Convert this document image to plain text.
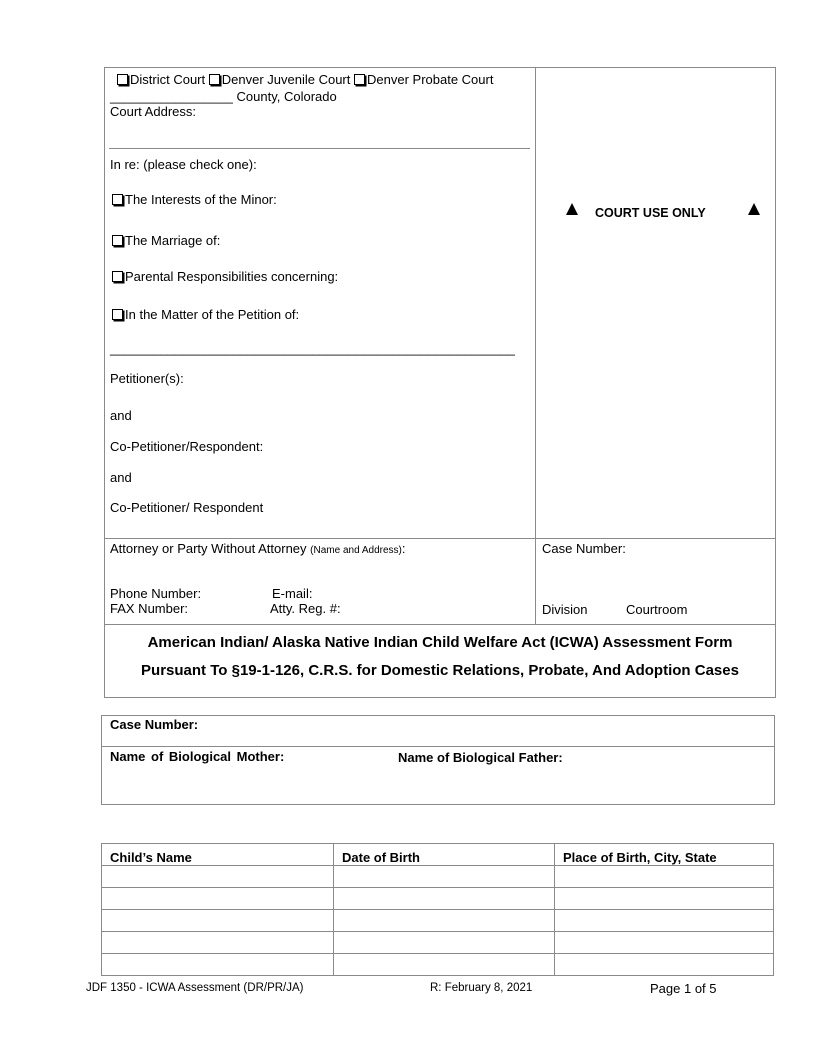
District Court Denver Juvenile Court Denver Probate Court
_________________ County, Colorado
Court Address:
In re: (please check one):
The Interests of the Minor:
The Marriage of:
Parental Responsibilities concerning:
In the Matter of the Petition of:
________________________________________________________
Petitioner(s):
and
Co-Petitioner/Respondent:
and
Co-Petitioner/ Respondent
COURT USE ONLY
Attorney or Party Without Attorney (Name and Address):
Phone Number:	E-mail:
FAX Number:	Atty. Reg. #:
Case Number:
Division	Courtroom
American Indian/ Alaska Native Indian Child Welfare Act (ICWA) Assessment Form
Pursuant To §19-1-126, C.R.S. for Domestic Relations, Probate, And Adoption Cases
Case Number:
Name of Biological Mother:	Name of Biological Father:
Child’s Name	Date of Birth	Place of Birth, City, State

JDF 1350 - ICWA Assessment (DR/PR/JA)	R: February 8, 2021	Page 1 of 5
